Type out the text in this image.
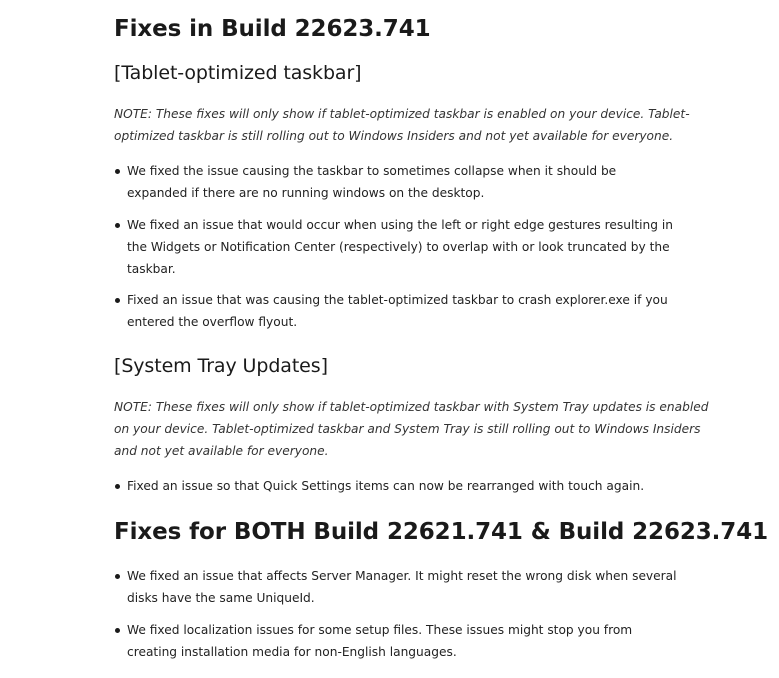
Fixes in Build 22623.741
[Tablet-optimized taskbar]

NOTE: These fixes will only show if tablet-optimized taskbar is enabled on your device. Tablet-
optimized taskbar is still rolling out to Windows Insiders and not yet available for everyone.

We fixed the issue causing the taskbar to sometimes collapse when it should be
expanded if there are no running windows on the desktop.
We fixed an issue that would occur when using the left or right edge gestures resulting in
the Widgets or Notification Center (respectively) to overlap with or look truncated by the
taskbar.
Fixed an issue that was causing the tablet-optimized taskbar to crash explorer.exe if you
entered the overflow flyout.
[System Tray Updates]

NOTE: These fixes will only show if tablet-optimized taskbar with System Tray updates is enabled
on your device. Tablet-optimized taskbar and System Tray is still rolling out to Windows Insiders
and not yet available for everyone.

Fixed an issue so that Quick Settings items can now be rearranged with touch again.
Fixes for BOTH Build 22621.741 & Build 22623.741
We fixed an issue that affects Server Manager. It might reset the wrong disk when several
disks have the same UniqueId.
We fixed localization issues for some setup files. These issues might stop you from
creating installation media for non-English languages.
